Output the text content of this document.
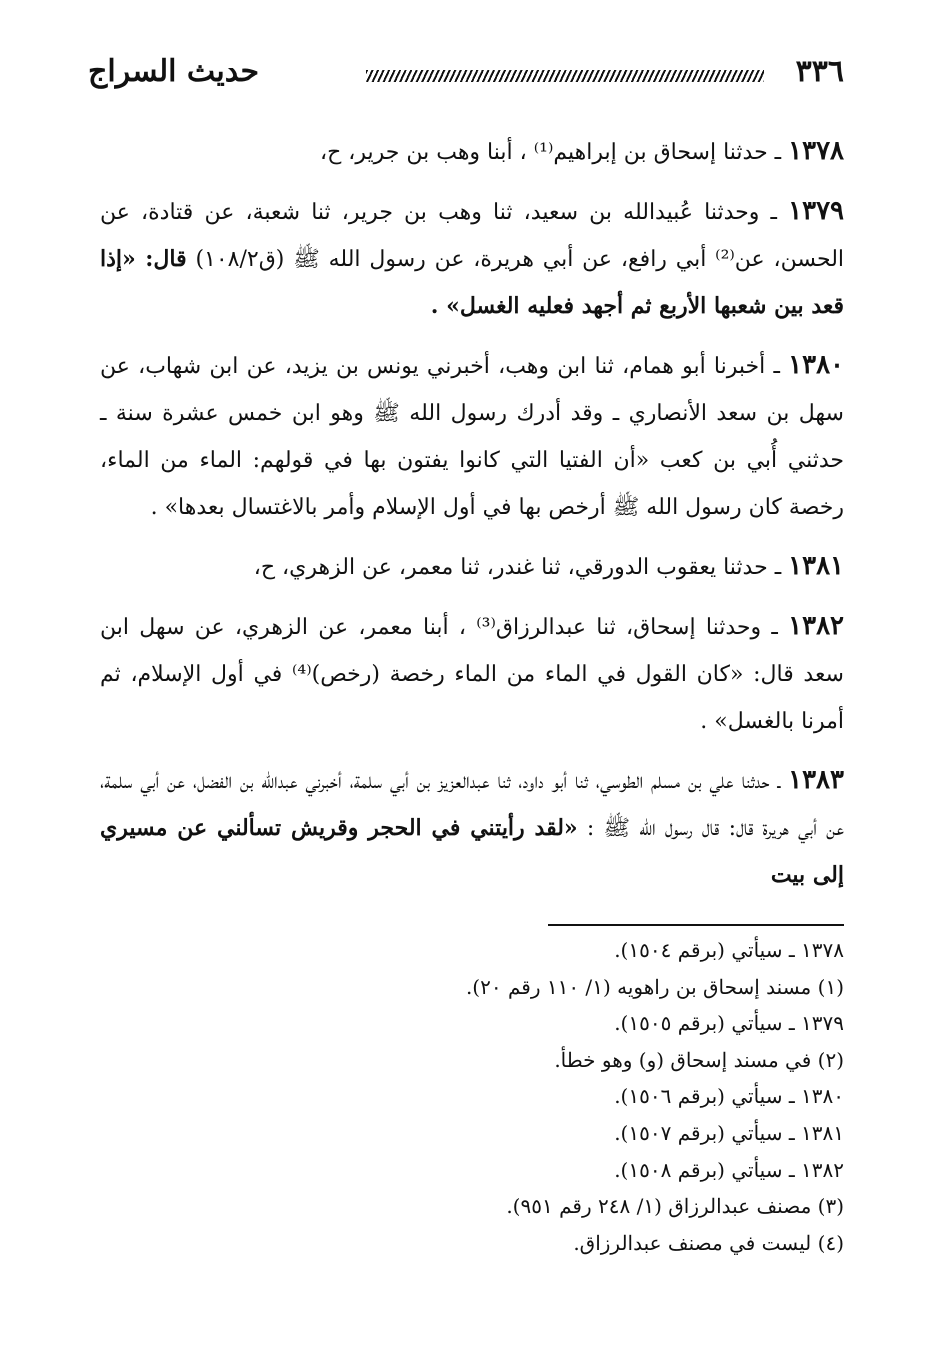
٣٣٦
حديث السراج

١٣٧٨ ـ حدثنا إسحاق بن إبراهيم⁽¹⁾ ، أبنا وهب بن جرير، ح،

١٣٧٩ ـ وحدثنا عُبيدالله بن سعيد، ثنا وهب بن جرير، ثنا شعبة، عن قتادة، عن الحسن، عن⁽²⁾ أبي رافع، عن أبي هريرة، عن رسول الله ﷺ (ق١٠٨/٢) قال: «إذا قعد بين شعبها الأربع ثم أجهد فعليه الغسل» .

١٣٨٠ ـ أخبرنا أبو همام، ثنا ابن وهب، أخبرني يونس بن يزيد، عن ابن شهاب، عن سهل بن سعد الأنصاري ـ وقد أدرك رسول الله ﷺ وهو ابن خمس عشرة سنة ـ حدثني أُبي بن كعب «أن الفتيا التي كانوا يفتون بها في قولهم: الماء من الماء، رخصة كان رسول الله ﷺ أرخص بها في أول الإسلام وأمر بالاغتسال بعدها» .

١٣٨١ ـ حدثنا يعقوب الدورقي، ثنا غندر، ثنا معمر، عن الزهري، ح،

١٣٨٢ ـ وحدثنا إسحاق، ثنا عبدالرزاق⁽³⁾ ، أبنا معمر، عن الزهري، عن سهل ابن سعد قال: «كان القول في الماء من الماء رخصة (رخص)⁽⁴⁾ في أول الإسلام، ثم أمرنا بالغسل» .

١٣٨٣ ـ حدثنا علي بن مسلم الطوسي، ثنا أبو داود، ثنا عبدالعزيز بن أبي سلمة، أخبرني عبدالله بن الفضل، عن أبي سلمة، عن أبي هريرة قال: قال رسول الله ﷺ : «لقد رأيتني في الحجر وقريش تسألني عن مسيري إلى بيت

١٣٧٨ ـ سيأتي (برقم ١٥٠٤).

(١) مسند إسحاق بن راهويه (١/ ١١٠ رقم ٢٠).

١٣٧٩ ـ سيأتي (برقم ١٥٠٥).

(٢) في مسند إسحاق (و) وهو خطأ.

١٣٨٠ ـ سيأتي (برقم ١٥٠٦).

١٣٨١ ـ سيأتي (برقم ١٥٠٧).

١٣٨٢ ـ سيأتي (برقم ١٥٠٨).

(٣) مصنف عبدالرزاق (١/ ٢٤٨ رقم ٩٥١).

(٤) ليست في مصنف عبدالرزاق.
